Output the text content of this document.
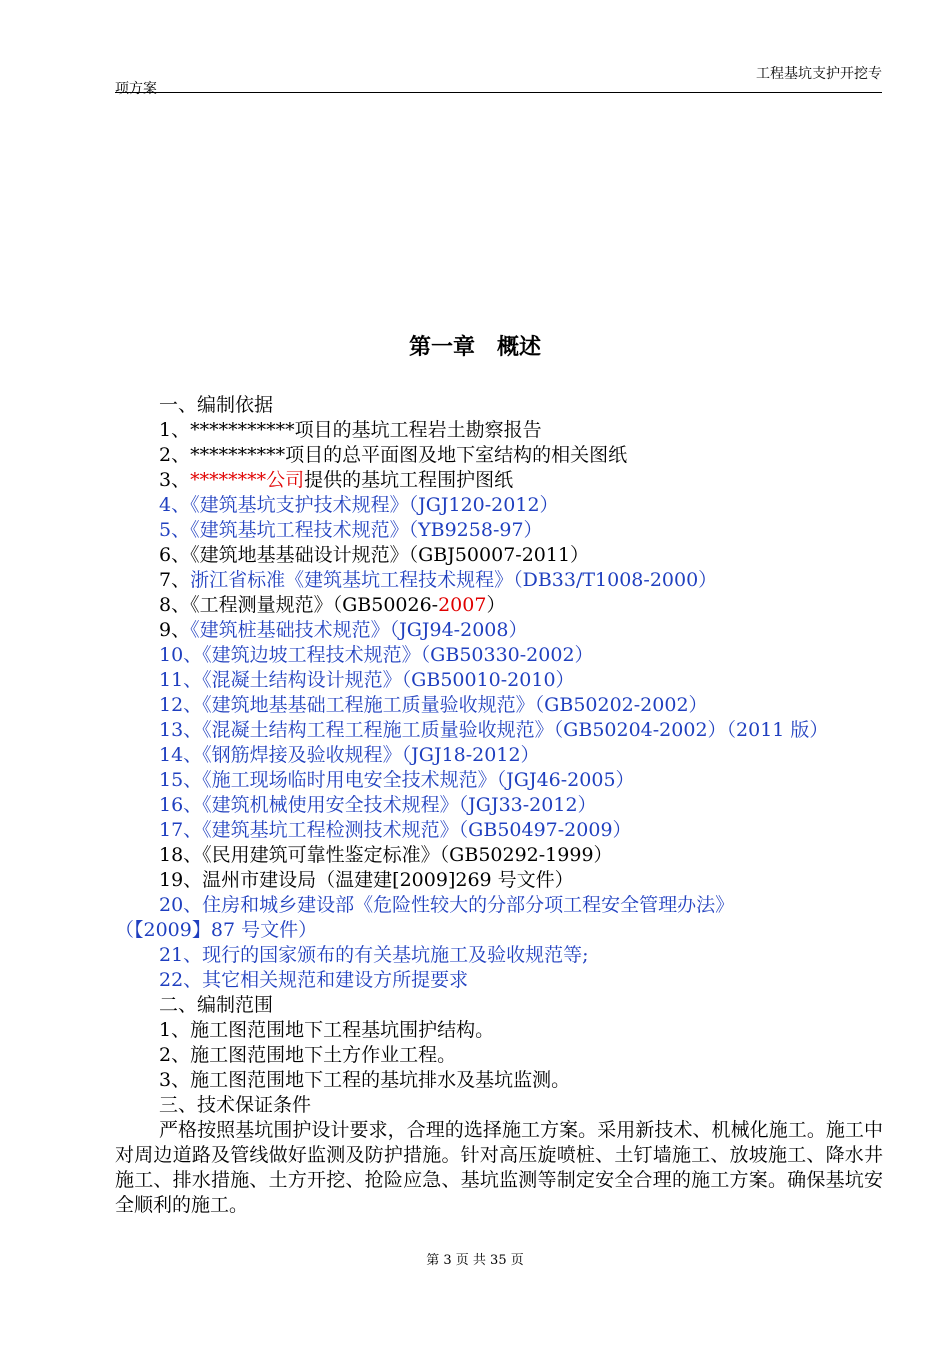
工程基坑支护开挖专
项方案
第一章　概述
一、编制依据
1、***********项目的基坑工程岩土勘察报告
2、**********项目的总平面图及地下室结构的相关图纸
3、********公司提供的基坑工程围护图纸
4、《建筑基坑支护技术规程》（JGJ120-2012）
5、《建筑基坑工程技术规范》（YB9258-97）
6、《建筑地基基础设计规范》（GBJ50007-2011）
7、浙江省标准《建筑基坑工程技术规程》（DB33/T1008-2000）
8、《工程测量规范》（GB50026-2007）
9、《建筑桩基础技术规范》（JGJ94-2008）
10、《建筑边坡工程技术规范》（GB50330-2002）
11、《混凝土结构设计规范》（GB50010-2010）
12、《建筑地基基础工程施工质量验收规范》（GB50202-2002）
13、《混凝土结构工程工程施工质量验收规范》（GB50204-2002）（2011 版）
14、《钢筋焊接及验收规程》（JGJ18-2012）
15、《施工现场临时用电安全技术规范》（JGJ46-2005）
16、《建筑机械使用安全技术规程》（JGJ33-2012）
17、《建筑基坑工程检测技术规范》（GB50497-2009）
18、《民用建筑可靠性鉴定标准》（GB50292-1999）
19、温州市建设局（温建建[2009]269 号文件）
20、住房和城乡建设部《危险性较大的分部分项工程安全管理办法》
（【2009】87 号文件）
21、现行的国家颁布的有关基坑施工及验收规范等;
22、其它相关规范和建设方所提要求
二、编制范围
1、施工图范围地下工程基坑围护结构。
2、施工图范围地下土方作业工程。
3、施工图范围地下工程的基坑排水及基坑监测。
三、技术保证条件

严格按照基坑围护设计要求，合理的选择施工方案。采用新技术、机械化施工。施工中对周边道路及管线做好监测及防护措施。针对高压旋喷桩、土钉墙施工、放坡施工、降水井施工、排水措施、土方开挖、抢险应急、基坑监测等制定安全合理的施工方案。确保基坑安全顺利的施工。

第 3 页 共 35 页
